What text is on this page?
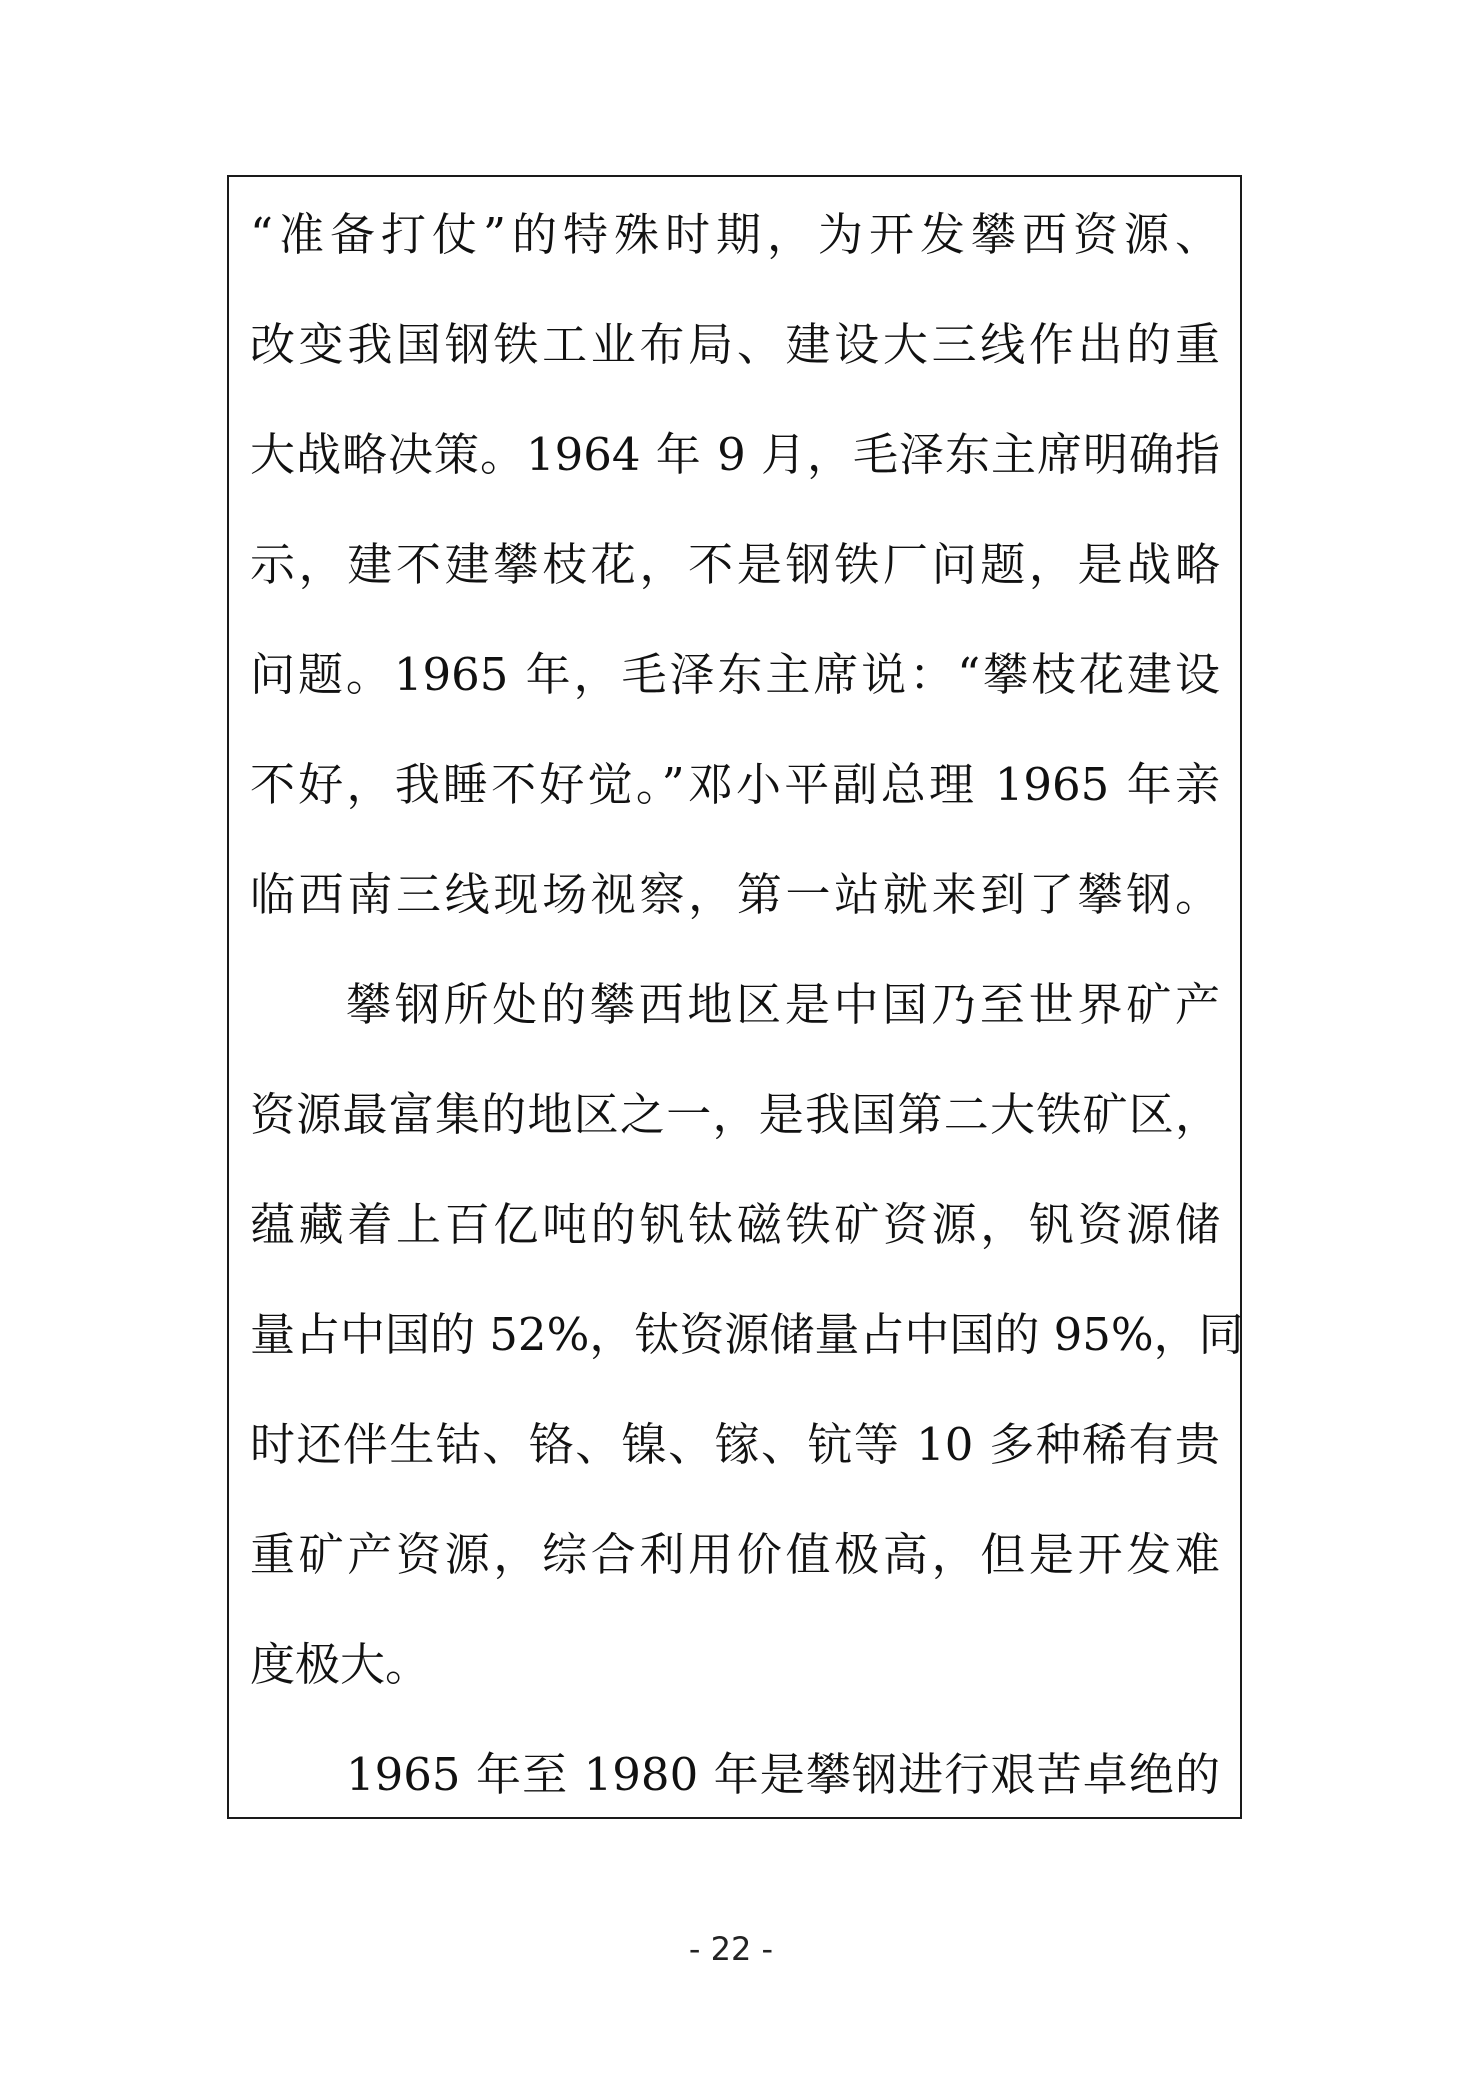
“准备打仗”的特殊时期，为开发攀西资源、
改变我国钢铁工业布局、建设大三线作出的重
大战略决策。1964 年 9 月，毛泽东主席明确指
示，建不建攀枝花，不是钢铁厂问题，是战略
问题。1965 年，毛泽东主席说：“攀枝花建设
不好，我睡不好觉。”邓小平副总理 1965 年亲
临西南三线现场视察，第一站就来到了攀钢。
攀钢所处的攀西地区是中国乃至世界矿产
资源最富集的地区之一，是我国第二大铁矿区，
蕴藏着上百亿吨的钒钛磁铁矿资源，钒资源储
量占中国的 52%，钛资源储量占中国的 95%，同
时还伴生钴、铬、镍、镓、钪等 10 多种稀有贵
重矿产资源，综合利用价值极高，但是开发难
度极大。
1965 年至 1980 年是攀钢进行艰苦卓绝的
- 22 -
